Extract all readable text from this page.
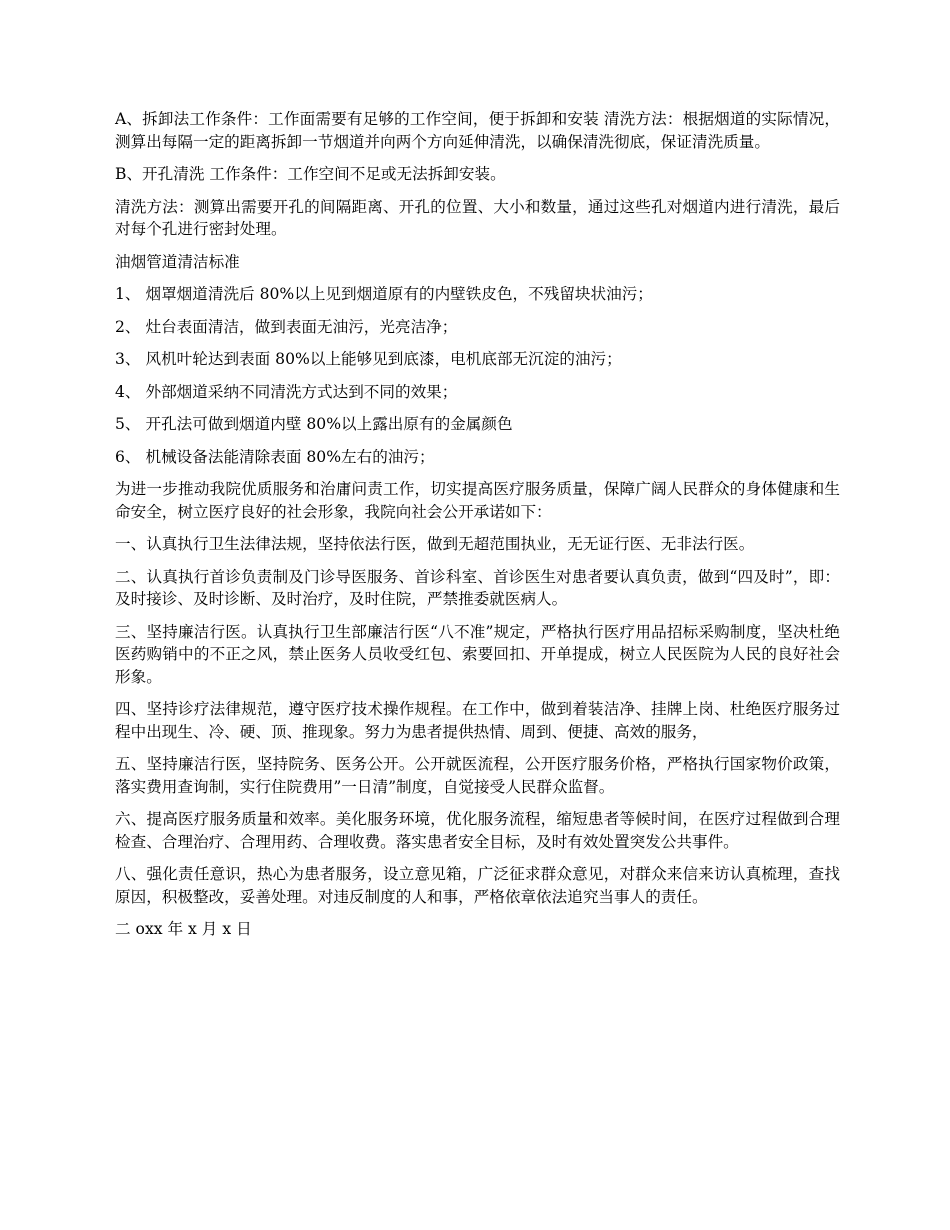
A、拆卸法工作条件：工作面需要有足够的工作空间，便于拆卸和安装 清洗方法：根据烟道的实际情况，测算出每隔一定的距离拆卸一节烟道并向两个方向延伸清洗，以确保清洗彻底，保证清洗质量。

B、开孔清洗 工作条件：工作空间不足或无法拆卸安装。

清洗方法：测算出需要开孔的间隔距离、开孔的位置、大小和数量，通过这些孔对烟道内进行清洗，最后对每个孔进行密封处理。

油烟管道清洁标准

1、 烟罩烟道清洗后 80%以上见到烟道原有的内壁铁皮色，不残留块状油污；

2、 灶台表面清洁，做到表面无油污，光亮洁净；

3、 风机叶轮达到表面 80%以上能够见到底漆，电机底部无沉淀的油污；

4、 外部烟道采纳不同清洗方式达到不同的效果；

5、 开孔法可做到烟道内壁 80%以上露出原有的金属颜色

6、 机械设备法能清除表面 80%左右的油污；

为进一步推动我院优质服务和治庸问责工作，切实提高医疗服务质量，保障广阔人民群众的身体健康和生命安全，树立医疗良好的社会形象，我院向社会公开承诺如下：

一、认真执行卫生法律法规，坚持依法行医，做到无超范围执业，无无证行医、无非法行医。

二、认真执行首诊负责制及门诊导医服务、首诊科室、首诊医生对患者要认真负责，做到“四及时”，即：及时接诊、及时诊断、及时治疗，及时住院，严禁推委就医病人。

三、坚持廉洁行医。认真执行卫生部廉洁行医“八不准”规定，严格执行医疗用品招标采购制度，坚决杜绝医药购销中的不正之风，禁止医务人员收受红包、索要回扣、开单提成，树立人民医院为人民的良好社会形象。

四、坚持诊疗法律规范，遵守医疗技术操作规程。在工作中，做到着装洁净、挂牌上岗、杜绝医疗服务过程中出现生、冷、硬、顶、推现象。努力为患者提供热情、周到、便捷、高效的服务，

五、坚持廉洁行医，坚持院务、医务公开。公开就医流程，公开医疗服务价格，严格执行国家物价政策，落实费用查询制，实行住院费用”一日清”制度，自觉接受人民群众监督。

六、提高医疗服务质量和效率。美化服务环境，优化服务流程，缩短患者等候时间，在医疗过程做到合理检查、合理治疗、合理用药、合理收费。落实患者安全目标，及时有效处置突发公共事件。

八、强化责任意识，热心为患者服务，设立意见箱，广泛征求群众意见，对群众来信来访认真梳理，查找原因，积极整改，妥善处理。对违反制度的人和事，严格依章依法追究当事人的责任。

二 oxx 年 x 月 x 日
